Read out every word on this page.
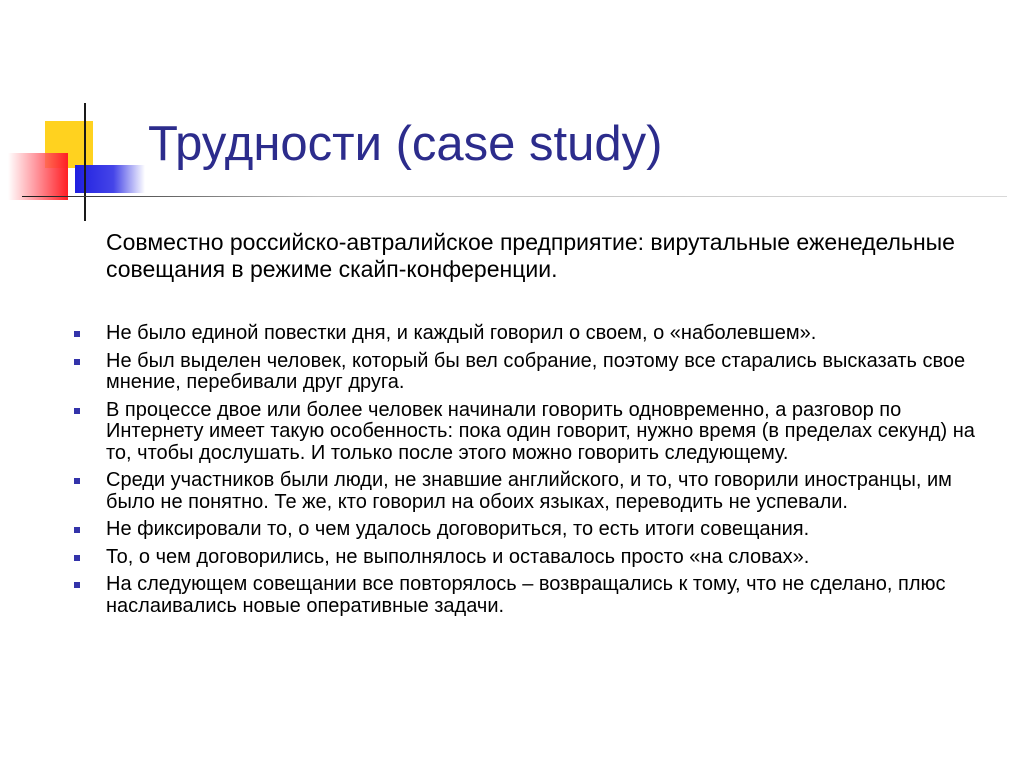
Трудности (case study)

Совместно российско-автралийское предприятие: вирутальные еженедельные совещания в режиме скайп-конференции.

Не было единой повестки дня, и каждый говорил о своем, о «наболевшем».
Не был выделен человек, который бы вел собрание, поэтому все старались высказать свое мнение, перебивали друг друга.
В процессе двое или более человек начинали говорить одновременно, а разговор по Интернету имеет такую особенность: пока один говорит, нужно время (в пределах секунд) на то, чтобы дослушать. И только после этого можно говорить следующему.
Среди участников были люди, не знавшие английского, и то, что говорили иностранцы, им было не понятно. Те же, кто говорил на обоих языках, переводить не успевали.
Не фиксировали то, о чем удалось договориться, то есть итоги совещания.
То, о чем договорились, не выполнялось и оставалось просто «на словах».
На следующем совещании все повторялось – возвращались к тому, что не сделано, плюс наслаивались новые оперативные задачи.
